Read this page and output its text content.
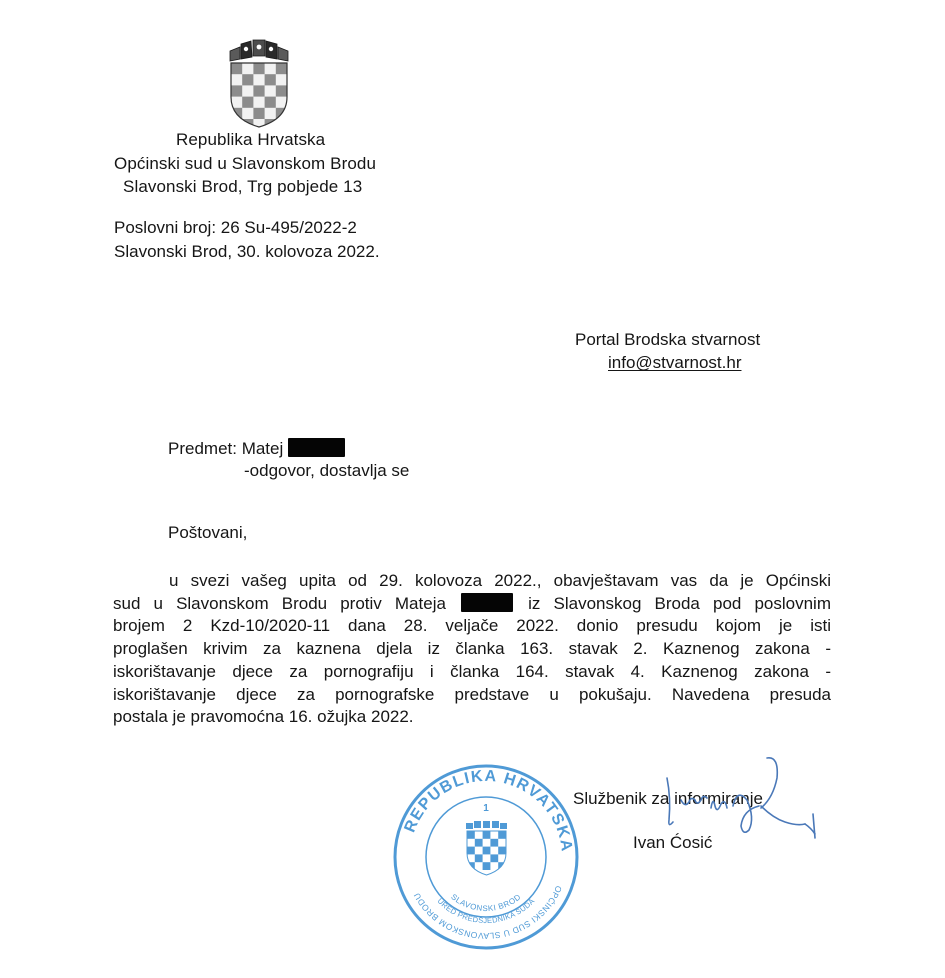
Republika Hrvatska
Općinski sud u Slavonskom Brodu
Slavonski Brod, Trg pobjede 13
Poslovni broj: 26 Su-495/2022-2
Slavonski Brod, 30. kolovoza 2022.
Portal Brodska stvarnost
info@stvarnost.hr
Predmet: Matej
-odgovor, dostavlja se
Poštovani,
u svezi vašeg upita od 29. kolovoza 2022., obavještavam vas da je Općinski
sud u Slavonskom Brodu protiv Mateja	iz Slavonskog Broda pod poslovnim
brojem 2 Kzd-10/2020-11 dana 28. veljače 2022. donio presudu kojom je isti
proglašen krivim za kaznena djela iz članka 163. stavak 2. Kaznenog zakona -
iskorištavanje djece za pornografiju i članka 164. stavak 4. Kaznenog zakona -
iskorištavanje djece za pornografske predstave u pokušaju. Navedena presuda
postala je pravomoćna 16. ožujka 2022.
REPUBLIKA HRVATSKA
1
SLAVONSKI BROD
URED PREDSJEDNIKA SUDA
OPĆINSKI SUD U SLAVONSKOM BRODU
Službenik za informiranje
Ivan Ćosić
